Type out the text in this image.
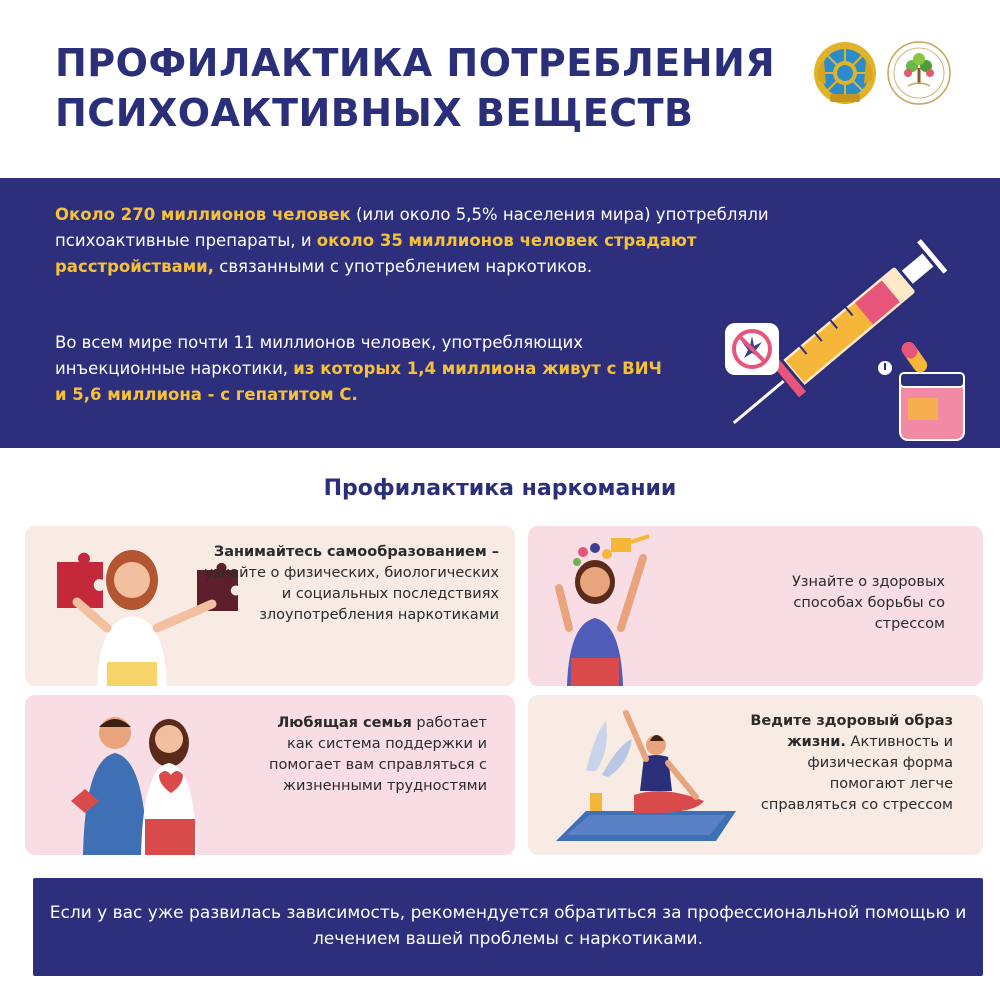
ПРОФИЛАКТИКА ПОТРЕБЛЕНИЯ
ПСИХОАКТИВНЫХ ВЕЩЕСТВ

Около 270 миллионов человек (или около 5,5% населения мира) употребляли психоактивные препараты, и около 35 миллионов человек страдают расстройствами, связанными с употреблением наркотиков.

Во всем мире почти 11 миллионов человек, употребляющих инъекционные наркотики, из которых 1,4 миллиона живут с ВИЧ и 5,6 миллиона - с гепатитом С.

Профилактика наркомании
Занимайтесь самообразованием – узнайте о физических, биологических и социальных последствиях злоупотребления наркотиками
Узнайте о здоровых способах борьбы со стрессом
Любящая семья работает как система поддержки и помогает вам справляться с жизненными трудностями
Ведите здоровый образ жизни. Активность и физическая форма помогают легче справляться со стрессом
Если у вас уже развилась зависимость, рекомендуется обратиться за профессиональной помощью и лечением вашей проблемы с наркотиками.
